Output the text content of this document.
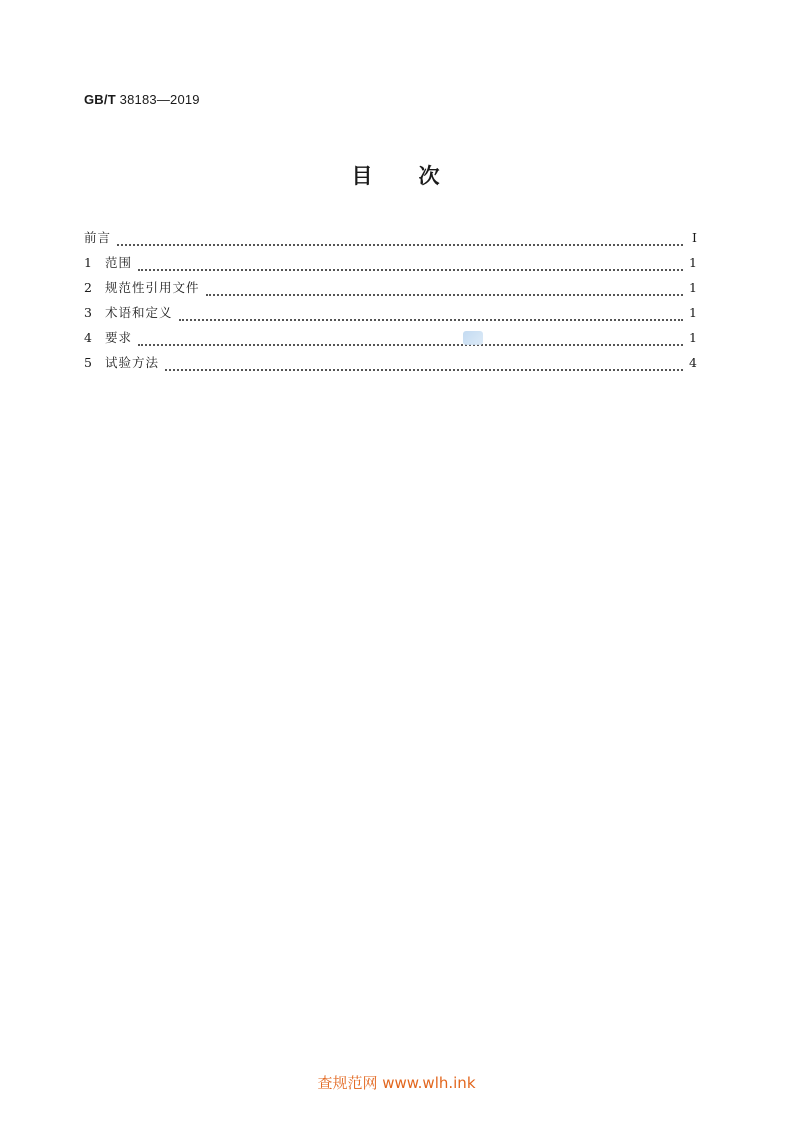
GB/T 38183—2019
目 次
前言	Ⅰ
1	范围	1
2	规范性引用文件	1
3	术语和定义	1
4	要求	1
5	试验方法	4
查规范网 www.wlh.ink
